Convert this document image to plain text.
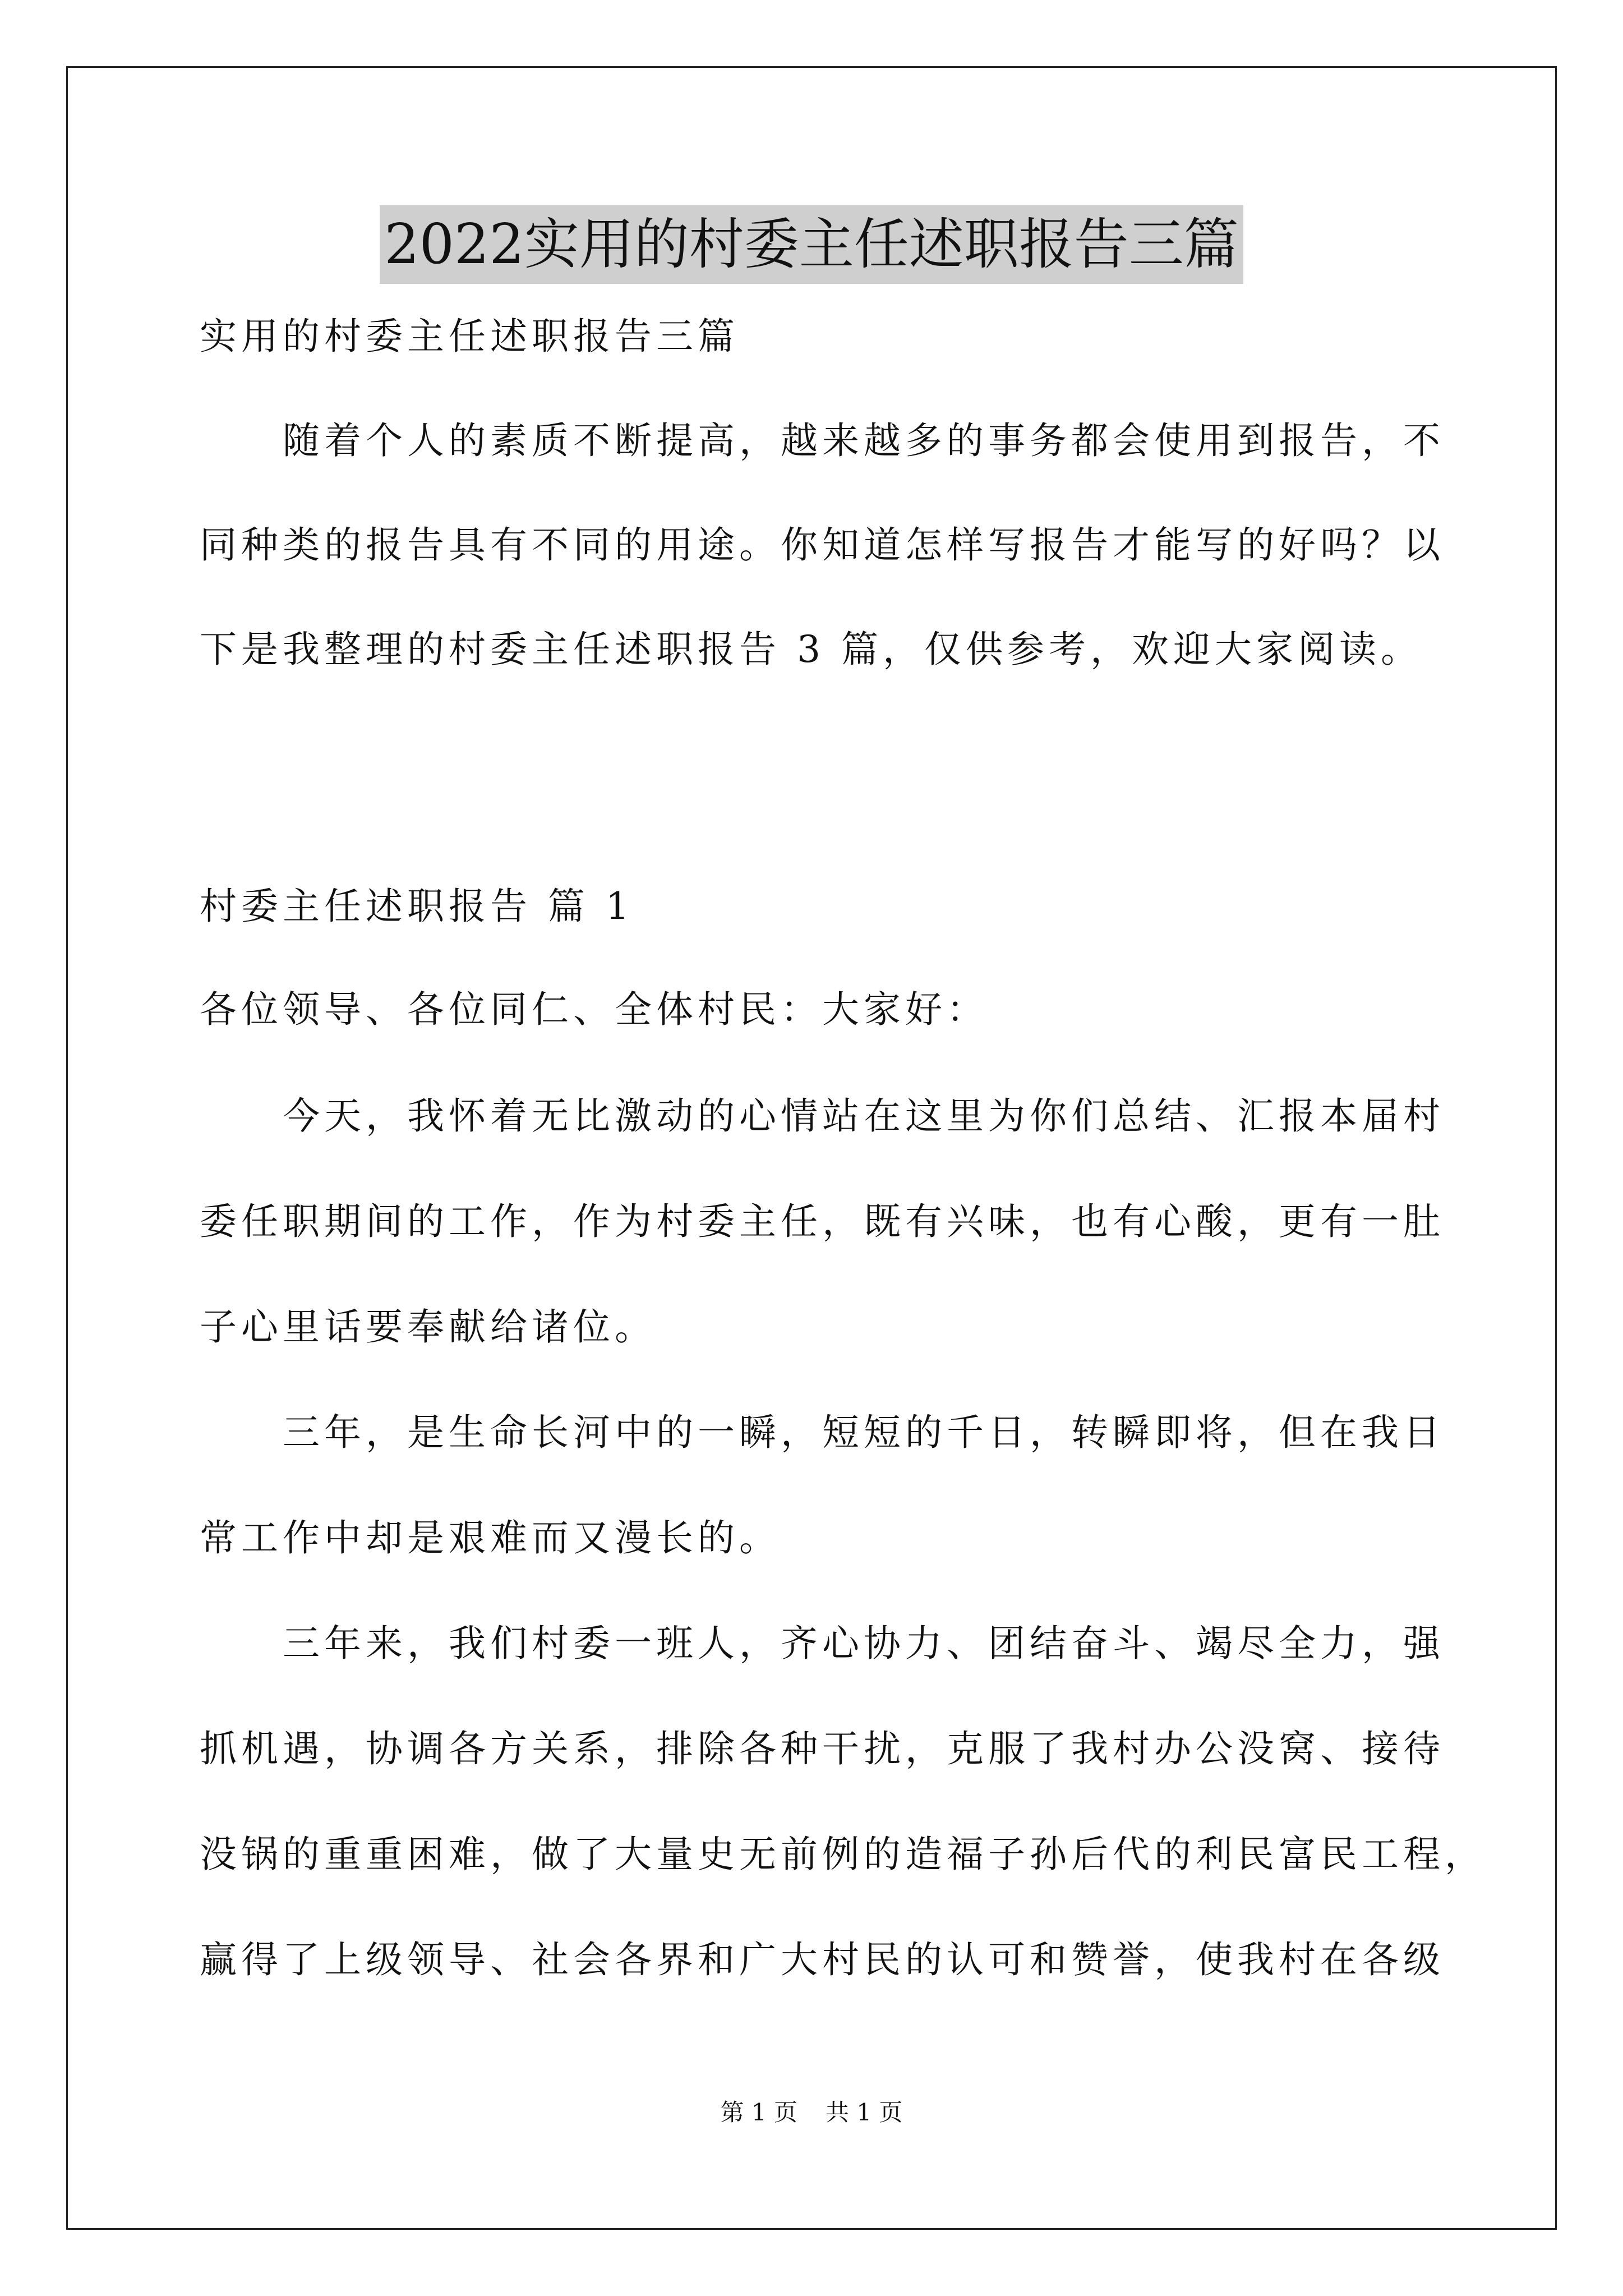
2022实用的村委主任述职报告三篇
实用的村委主任述职报告三篇
随着个人的素质不断提高，越来越多的事务都会使用到报告，不
同种类的报告具有不同的用途。你知道怎样写报告才能写的好吗？以
下是我整理的村委主任述职报告 3 篇，仅供参考，欢迎大家阅读。
村委主任述职报告 篇 1
各位领导、各位同仁、全体村民：大家好：
今天，我怀着无比激动的心情站在这里为你们总结、汇报本届村
委任职期间的工作，作为村委主任，既有兴味，也有心酸，更有一肚
子心里话要奉献给诸位。
三年，是生命长河中的一瞬，短短的千日，转瞬即将，但在我日
常工作中却是艰难而又漫长的。
三年来，我们村委一班人，齐心协力、团结奋斗、竭尽全力，强
抓机遇，协调各方关系，排除各种干扰，克服了我村办公没窝、接待
没锅的重重困难，做了大量史无前例的造福子孙后代的利民富民工程，
赢得了上级领导、社会各界和广大村民的认可和赞誉，使我村在各级
第 1 页 共 1 页
